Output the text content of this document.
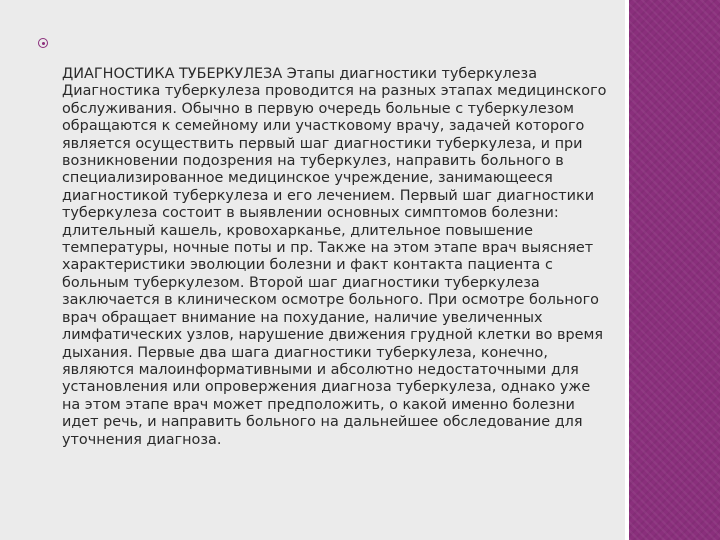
ДИАГНОСТИКА ТУБЕРКУЛЕЗА Этапы диагностики туберкулеза Диагностика туберкулеза проводится на разных этапах медицинского обслуживания. Обычно в первую очередь больные с туберкулезом обращаются к семейному или участковому врачу, задачей которого является осуществить первый шаг диагностики туберкулеза, и при возникновении подозрения на туберкулез, направить больного в специализированное медицинское учреждение, занимающееся диагностикой туберкулеза и его лечением. Первый шаг диагностики туберкулеза состоит в выявлении основных симптомов болезни: длительный кашель, кровохарканье, длительное повышение температуры, ночные поты и пр. Также на этом этапе врач выясняет характеристики эволюции болезни и факт контакта пациента с больным туберкулезом. Второй шаг диагностики туберкулеза заключается в клиническом осмотре больного. При осмотре больного врач обращает внимание на похудание, наличие увеличенных лимфатических узлов, нарушение движения грудной клетки во время дыхания. Первые два шага диагностики туберкулеза, конечно, являются малоинформативными и абсолютно недостаточными для установления или опровержения диагноза туберкулеза, однако уже на этом этапе врач может предположить, о какой именно болезни идет речь, и направить больного на дальнейшее обследование для уточнения диагноза.
